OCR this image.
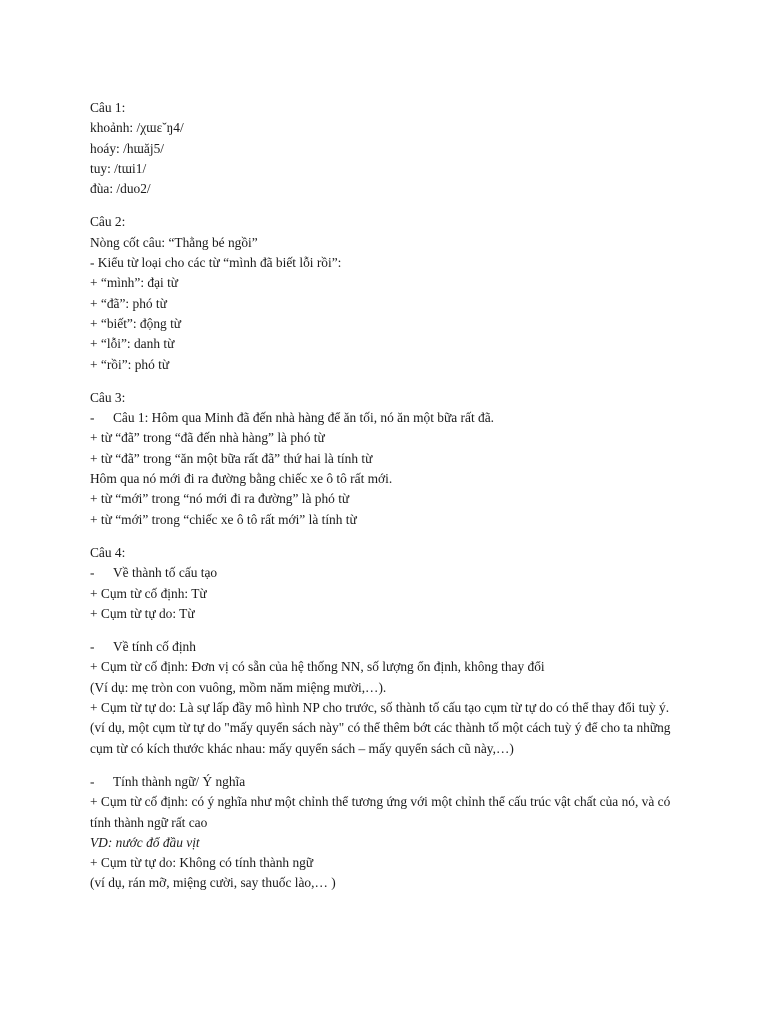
Câu 1:
khoảnh: /χɯɛ˘ŋ4/
hoáy: /hɯăj5/
tuy: /tɯi1/
đùa: /duo2/
Câu 2:
Nòng cốt câu: “Thằng bé ngồi”
- Kiểu từ loại cho các từ “mình đã biết lỗi rồi”:
+ “mình”: đại từ
+ “đã”: phó từ
+ “biết”: động từ
+ “lỗi”: danh từ
+ “rồi”: phó từ
Câu 3:
- Câu 1: Hôm qua Minh đã đến nhà hàng để ăn tối, nó ăn một bữa rất đã.
+ từ “đã” trong “đã đến nhà hàng” là phó từ
+ từ “đã” trong “ăn một bữa rất đã” thứ hai là tính từ
Hôm qua nó mới đi ra đường bằng chiếc xe ô tô rất mới.
+ từ “mới” trong “nó mới đi ra đường” là phó từ
+ từ “mới” trong “chiếc xe ô tô rất mới” là tính từ
Câu 4:
- Về thành tố cấu tạo
+ Cụm từ cố định: Từ
+ Cụm từ tự do: Từ
- Về tính cố định
+ Cụm từ cố định: Đơn vị có sẵn của hệ thống NN, số lượng ổn định, không thay đổi
(Ví dụ: mẹ tròn con vuông, mồm năm miệng mười,…).
+ Cụm từ tự do: Là sự lấp đầy mô hình NP cho trước, số thành tố cấu tạo cụm từ tự do có thể thay đổi tuỳ ý.
(ví dụ, một cụm từ tự do "mấy quyển sách này" có thể thêm bớt các thành tố một cách tuỳ ý để cho ta những cụm từ có kích thước khác nhau: mấy quyển sách – mấy quyển sách cũ này,…)
- Tính thành ngữ/ Ý nghĩa
+ Cụm từ cố định: có ý nghĩa như một chỉnh thể tương ứng với một chỉnh thể cấu trúc vật chất của nó, và có tính thành ngữ rất cao
VD: nước đổ đầu vịt
+ Cụm từ tự do: Không có tính thành ngữ
(ví dụ, rán mỡ, miệng cười, say thuốc lào,… )
